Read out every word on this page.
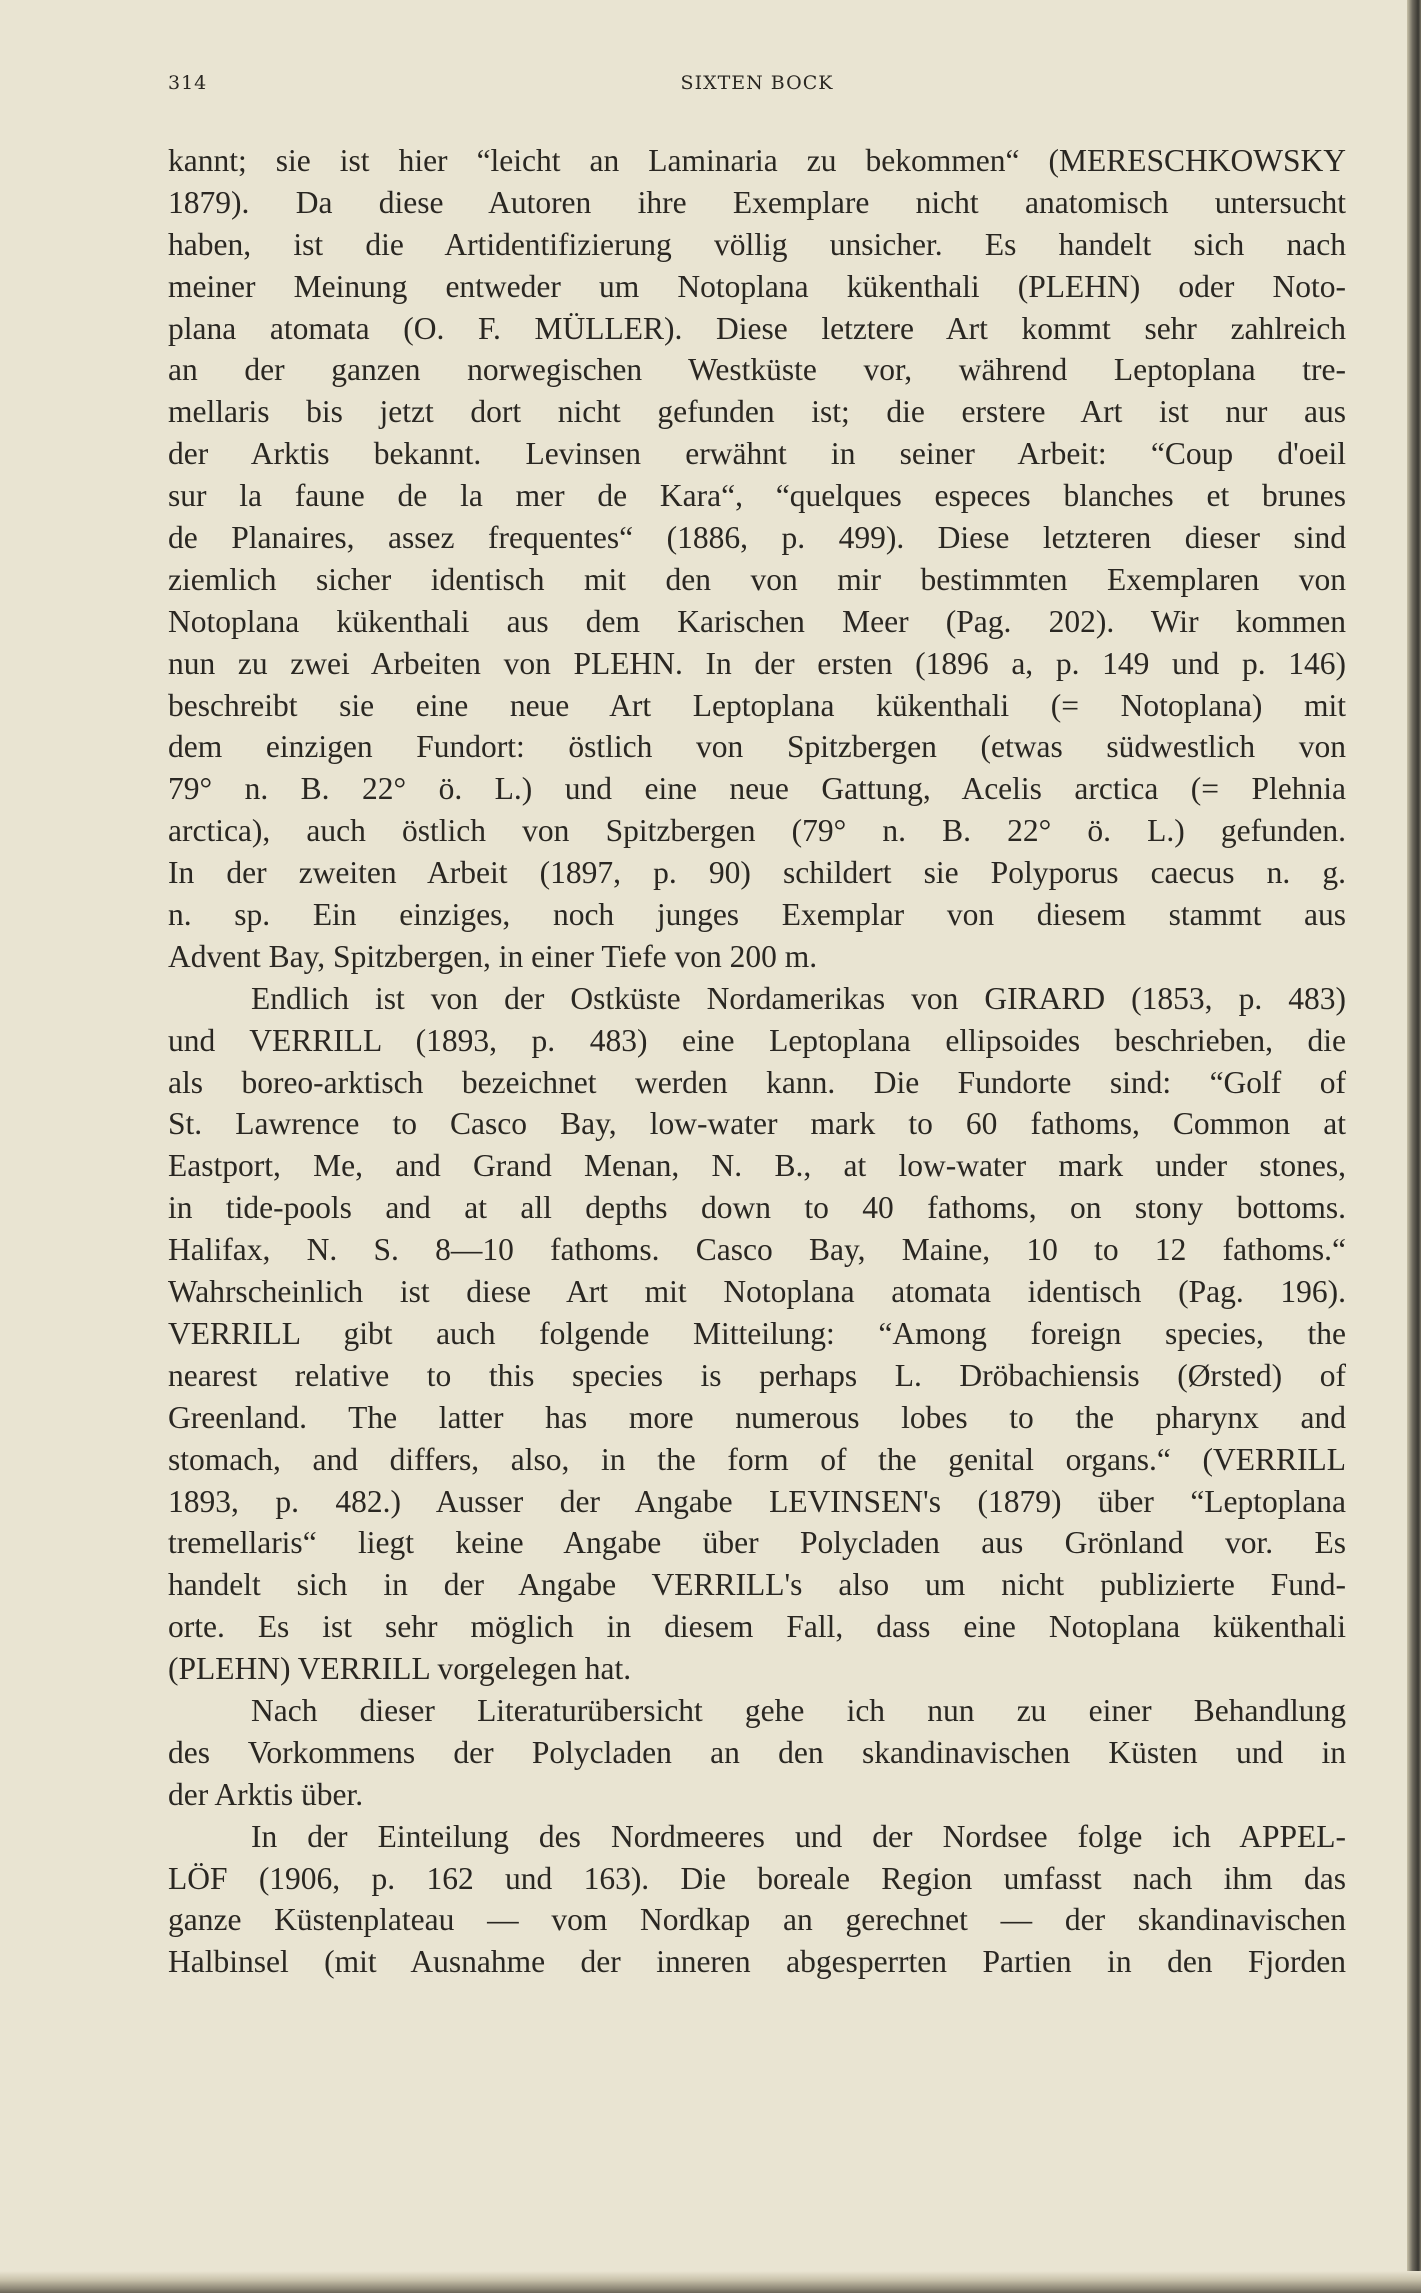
314	SIXTEN BOCK
kannt; sie ist hier “leicht an Laminaria zu bekommen“ (MERESCHKOWSKY
1879). Da diese Autoren ihre Exemplare nicht anatomisch untersucht
haben, ist die Artidentifizierung völlig unsicher. Es handelt sich nach
meiner Meinung entweder um Notoplana kükenthali (PLEHN) oder Noto-
plana atomata (O. F. MÜLLER). Diese letztere Art kommt sehr zahlreich
an der ganzen norwegischen Westküste vor, während Leptoplana tre-
mellaris bis jetzt dort nicht gefunden ist; die erstere Art ist nur aus
der Arktis bekannt. Levinsen erwähnt in seiner Arbeit: “Coup d'oeil
sur la faune de la mer de Kara“, “quelques especes blanches et brunes
de Planaires, assez frequentes“ (1886, p. 499). Diese letzteren dieser sind
ziemlich sicher identisch mit den von mir bestimmten Exemplaren von
Notoplana kükenthali aus dem Karischen Meer (Pag. 202). Wir kommen
nun zu zwei Arbeiten von PLEHN. In der ersten (1896 a, p. 149 und p. 146)
beschreibt sie eine neue Art Leptoplana kükenthali (= Notoplana) mit
dem einzigen Fundort: östlich von Spitzbergen (etwas südwestlich von
79° n. B. 22° ö. L.) und eine neue Gattung, Acelis arctica (= Plehnia
arctica), auch östlich von Spitzbergen (79° n. B. 22° ö. L.) gefunden.
In der zweiten Arbeit (1897, p. 90) schildert sie Polyporus caecus n. g.
n. sp. Ein einziges, noch junges Exemplar von diesem stammt aus
Advent Bay, Spitzbergen, in einer Tiefe von 200 m.
Endlich ist von der Ostküste Nordamerikas von GIRARD (1853, p. 483)
und VERRILL (1893, p. 483) eine Leptoplana ellipsoides beschrieben, die
als boreo-arktisch bezeichnet werden kann. Die Fundorte sind: “Golf of
St. Lawrence to Casco Bay, low-water mark to 60 fathoms, Common at
Eastport, Me, and Grand Menan, N. B., at low-water mark under stones,
in tide-pools and at all depths down to 40 fathoms, on stony bottoms.
Halifax, N. S. 8—10 fathoms. Casco Bay, Maine, 10 to 12 fathoms.“
Wahrscheinlich ist diese Art mit Notoplana atomata identisch (Pag. 196).
VERRILL gibt auch folgende Mitteilung: “Among foreign species, the
nearest relative to this species is perhaps L. Dröbachiensis (Ørsted) of
Greenland. The latter has more numerous lobes to the pharynx and
stomach, and differs, also, in the form of the genital organs.“ (VERRILL
1893, p. 482.) Ausser der Angabe LEVINSEN's (1879) über “Leptoplana
tremellaris“ liegt keine Angabe über Polycladen aus Grönland vor. Es
handelt sich in der Angabe VERRILL's also um nicht publizierte Fund-
orte. Es ist sehr möglich in diesem Fall, dass eine Notoplana kükenthali
(PLEHN) VERRILL vorgelegen hat.
Nach dieser Literaturübersicht gehe ich nun zu einer Behandlung
des Vorkommens der Polycladen an den skandinavischen Küsten und in
der Arktis über.
In der Einteilung des Nordmeeres und der Nordsee folge ich APPEL-
LÖF (1906, p. 162 und 163). Die boreale Region umfasst nach ihm das
ganze Küstenplateau — vom Nordkap an gerechnet — der skandinavischen
Halbinsel (mit Ausnahme der inneren abgesperrten Partien in den Fjorden
